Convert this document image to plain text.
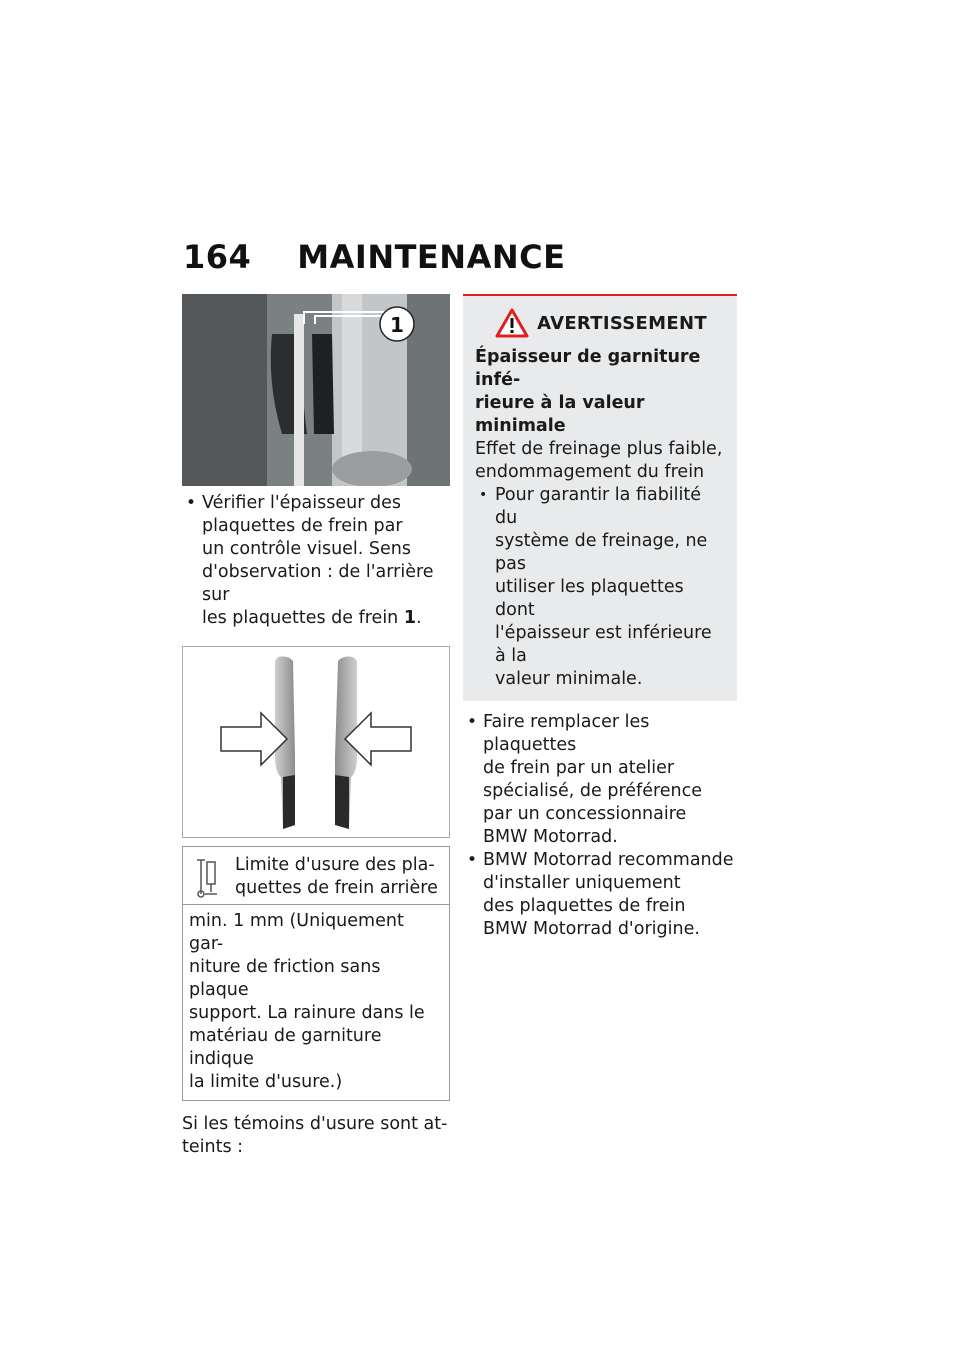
164 MAINTENANCE
1
• Vérifier l'épaisseur des
plaquettes de frein par
un contrôle visuel. Sens
d'observation : de l'arrière sur
les plaquettes de frein 1.
Limite d'usure des pla-
quettes de frein arrière
min. 1 mm (Uniquement gar-
niture de friction sans plaque
support. La rainure dans le
matériau de garniture indique
la limite d'usure.)
Si les témoins d'usure sont at-
teints :
AVERTISSEMENT
Épaisseur de garniture infé-
rieure à la valeur minimale
Effet de freinage plus faible,
endommagement du frein
• Pour garantir la fiabilité du
système de freinage, ne pas
utiliser les plaquettes dont
l'épaisseur est inférieure à la
valeur minimale.
• Faire remplacer les plaquettes
de frein par un atelier
spécialisé, de préférence
par un concessionnaire
BMW Motorrad.
• BMW Motorrad recommande
d'installer uniquement
des plaquettes de frein
BMW Motorrad d'origine.
